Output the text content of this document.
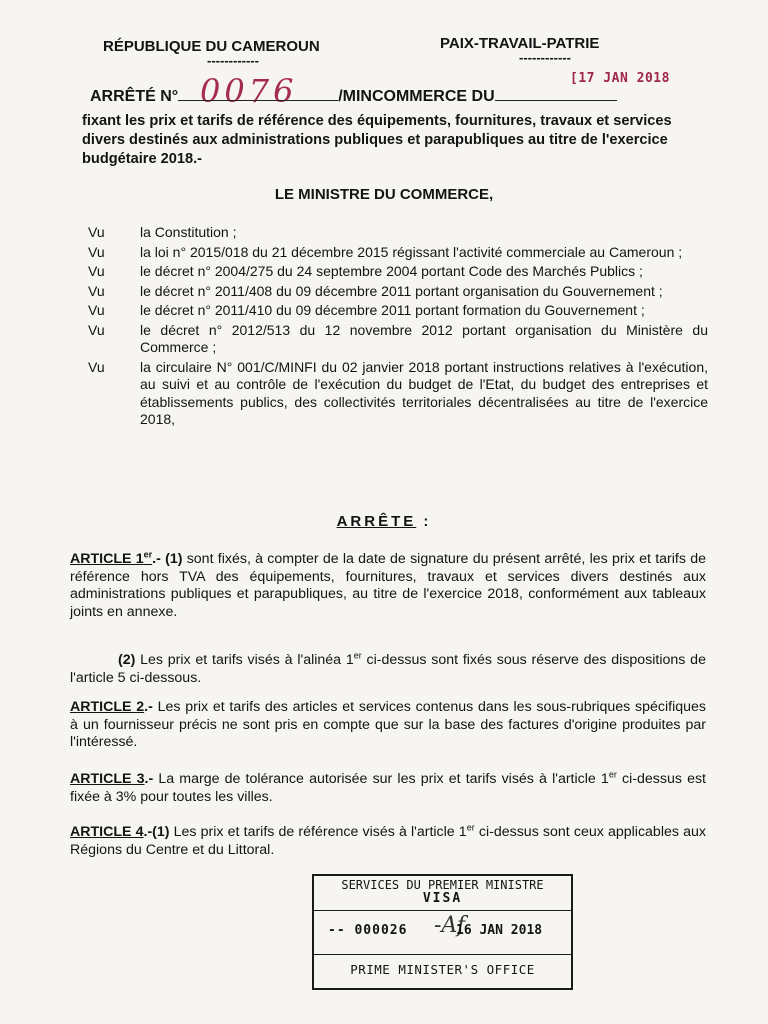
RÉPUBLIQUE DU CAMEROUN
------------
PAIX-TRAVAIL-PATRIE
------------
[17 JAN 2018
0076
ARRÊTÉ N°	/MINCOMMERCE DU
fixant les prix et tarifs de référence des équipements, fournitures, travaux et services divers destinés aux administrations publiques et parapubliques au titre de l'exercice budgétaire 2018.-
LE MINISTRE DU COMMERCE,
Vu	la Constitution ;
Vu	la loi n° 2015/018 du 21 décembre 2015 régissant l'activité commerciale au Cameroun ;
Vu	le décret n° 2004/275 du 24 septembre 2004 portant Code des Marchés Publics ;
Vu	le décret n° 2011/408 du 09 décembre 2011 portant organisation du Gouvernement ;
Vu	le décret n° 2011/410 du 09 décembre 2011 portant formation du Gouvernement ;
Vu	le décret n° 2012/513 du 12 novembre 2012 portant organisation du Ministère du Commerce ;
Vu	la circulaire N° 001/C/MINFI du 02 janvier 2018 portant instructions relatives à l'exécution, au suivi et au contrôle de l'exécution du budget de l'Etat, du budget des entreprises et établissements publics, des collectivités territoriales décentralisées au titre de l'exercice 2018,
ARRÊTE :
ARTICLE 1er.- (1) sont fixés, à compter de la date de signature du présent arrêté, les prix et tarifs de référence hors TVA des équipements, fournitures, travaux et services divers destinés aux administrations publiques et parapubliques, au titre de l'exercice 2018, conformément aux tableaux joints en annexe.
(2) Les prix et tarifs visés à l'alinéa 1er ci-dessus sont fixés sous réserve des dispositions de l'article 5 ci-dessous.
ARTICLE 2.- Les prix et tarifs des articles et services contenus dans les sous-rubriques spécifiques à un fournisseur précis ne sont pris en compte que sur la base des factures d'origine produites par l'intéressé.
ARTICLE 3.- La marge de tolérance autorisée sur les prix et tarifs visés à l'article 1er ci-dessus est fixée à 3% pour toutes les villes.
ARTICLE 4.-(1) Les prix et tarifs de référence visés à l'article 1er ci-dessus sont ceux applicables aux Régions du Centre et du Littoral.
SERVICES DU PREMIER MINISTRE
VISA
-- 000026 -Af
16 JAN 2018
PRIME MINISTER'S OFFICE
